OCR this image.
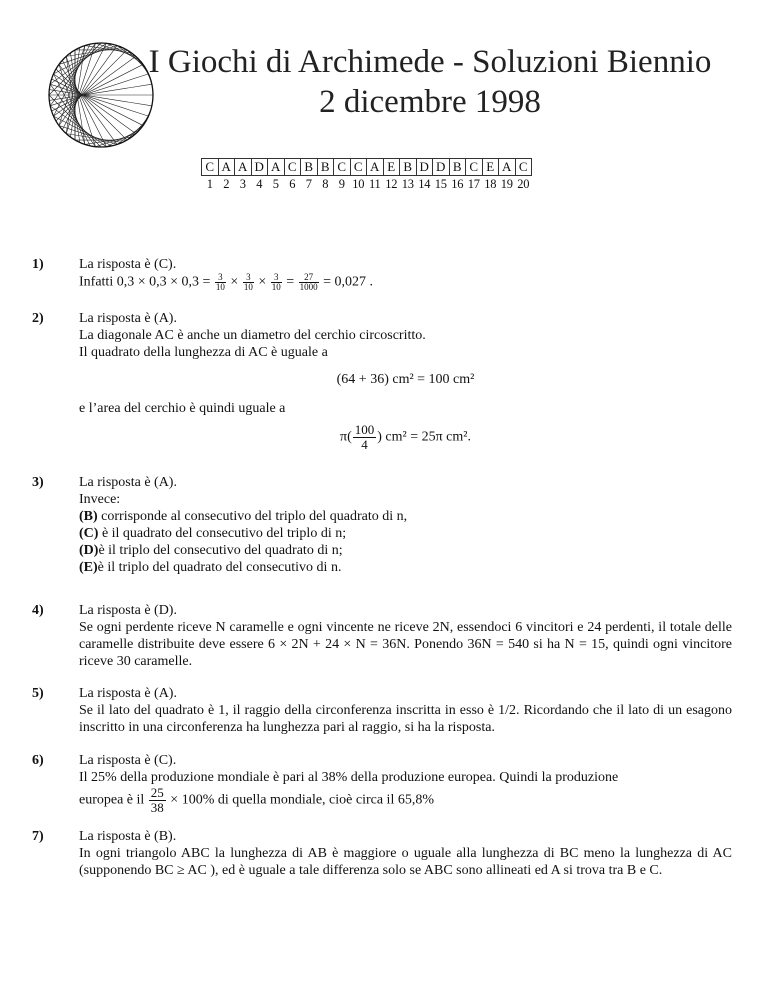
I Giochi di Archimede - Soluzioni Biennio
2 dicembre 1998
C	A	A	D	A	C	B	B	C	C	A	E	B	D	D	B	C	E	A	C
1	2	3	4	5	6	7	8	9	10	11	12	13	14	15	16	17	18	19	20
1)	La risposta è (C).

Infatti $0,3 \times 0,3 \times 0,3 = \frac{3}{10} \times \frac{3}{10} \times \frac{3}{10} = \frac{27}{1000} = 0,027$ .

2)	La risposta è (A).

La diagonale AC è anche un diametro del cerchio circoscritto.

Il quadrato della lunghezza di AC è uguale a

(64 + 36) cm² = 100 cm²

e l’area del cerchio è quindi uguale a

$\pi( \frac{100}{4}$ ) cm² = 25π cm².

3)	La risposta è (A).

Invece:

(B) corrisponde al consecutivo del triplo del quadrato di n,

(C) è il quadrato del consecutivo del triplo di n;

(D)è il triplo del consecutivo del quadrato di n;

(E)è il triplo del quadrato del consecutivo di n.

4)	La risposta è (D).

Se ogni perdente riceve N caramelle e ogni vincente ne riceve 2N, essendoci 6 vincitori e 24 perdenti, il totale delle caramelle distribuite deve essere 6 × 2N + 24 × N = 36N. Ponendo 36N = 540 si ha N = 15, quindi ogni vincitore riceve 30 caramelle.

5)	La risposta è (A).

Se il lato del quadrato è 1, il raggio della circonferenza inscritta in esso è 1/2. Ricordando che il lato di un esagono inscritto in una circonferenza ha lunghezza pari al raggio, si ha la risposta.

6)	La risposta è (C).

Il 25% della produzione mondiale è pari al 38% della produzione europea. Quindi la produzione

europea è il $\frac{25}{38} \times 100\%$ di quella mondiale, cioè circa il 65,8%

7)	La risposta è (B).

In ogni triangolo ABC la lunghezza di AB è maggiore o uguale alla lunghezza di BC meno la lunghezza di AC (supponendo BC ≥ AC ), ed è uguale a tale differenza solo se ABC sono allineati ed A si trova tra B e C.
